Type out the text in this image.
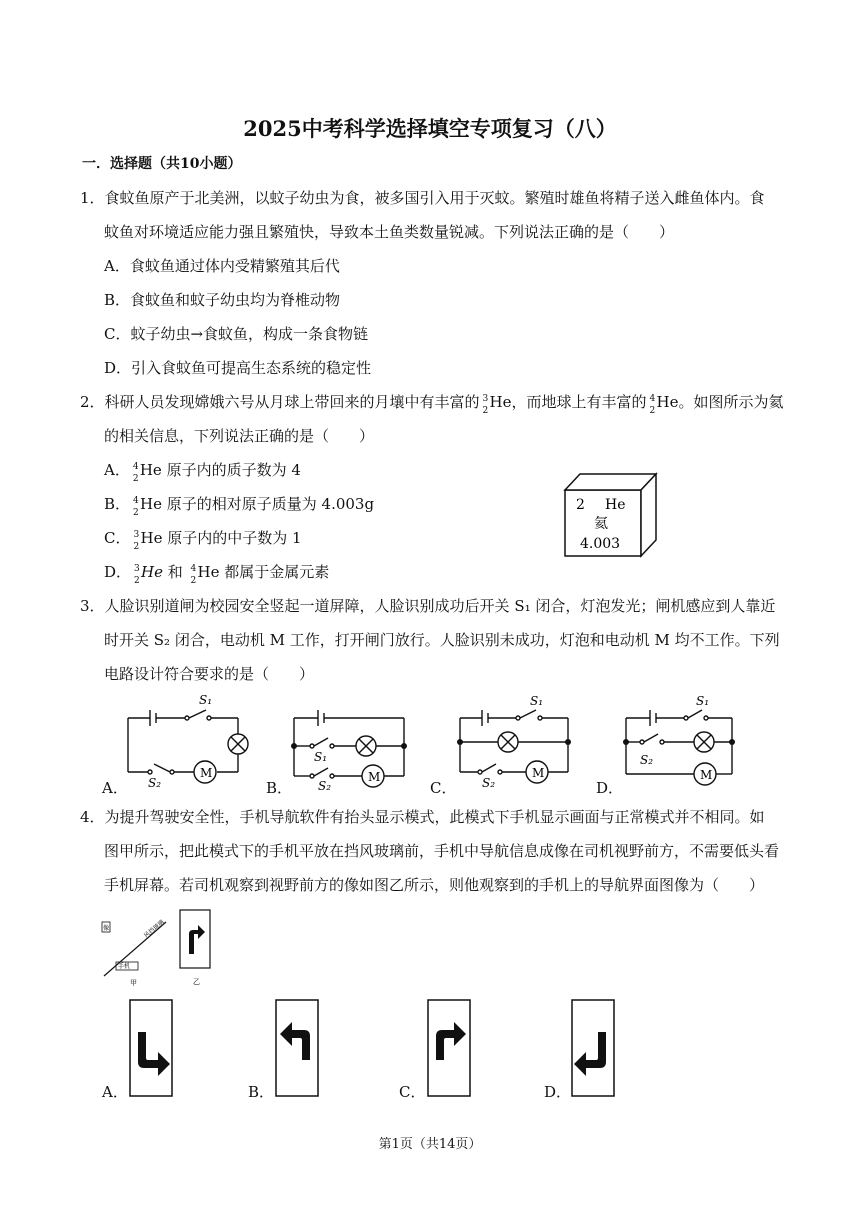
2025中考科学选择填空专项复习（八）
一．选择题（共10小题）
1．食蚊鱼原产于北美洲，以蚊子幼虫为食，被多国引入用于灭蚊。繁殖时雄鱼将精子送入雌鱼体内。食
蚊鱼对环境适应能力强且繁殖快，导致本土鱼类数量锐减。下列说法正确的是（　　）
A．食蚊鱼通过体内受精繁殖其后代
B．食蚊鱼和蚊子幼虫均为脊椎动物
C．蚊子幼虫→食蚊鱼，构成一条食物链
D．引入食蚊鱼可提高生态系统的稳定性
2．科研人员发现嫦娥六号从月球上带回来的月壤中有丰富的 3
2 He，而地球上有丰富的 4
2 He。如图所示为氦
的相关信息，下列说法正确的是（　　）
A． 4
2 He 原子内的质子数为 4
B． 4
2 He 原子的相对原子质量为 4.003g
C． 3
2 He 原子内的中子数为 1
D． 3
2 He 和 4
2 He 都属于金属元素
2 He
氦
4.003
3．人脸识别道闸为校园安全竖起一道屏障，人脸识别成功后开关 S₁ 闭合，灯泡发光；闸机感应到人靠近
时开关 S₂ 闭合，电动机 M 工作，打开闸门放行。人脸识别未成功，灯泡和电动机 M 均不工作。下列
电路设计符合要求的是（　　）
A．
S₁
S₂
M
B．
S₁
S₂
M
C．
S₁
S₂
M
D．
S₁
S₂
M
4．为提升驾驶安全性，手机导航软件有抬头显示模式，此模式下手机显示画面与正常模式并不相同。如
图甲所示，把此模式下的手机平放在挡风玻璃前，手机中导航信息成像在司机视野前方，不需要低头看
手机屏幕。若司机观察到视野前方的像如图乙所示，则他观察到的手机上的导航界面图像为（　　）
像	风挡玻璃
手机
甲	乙
A．	B．	C．	D．
第1页（共14页）
